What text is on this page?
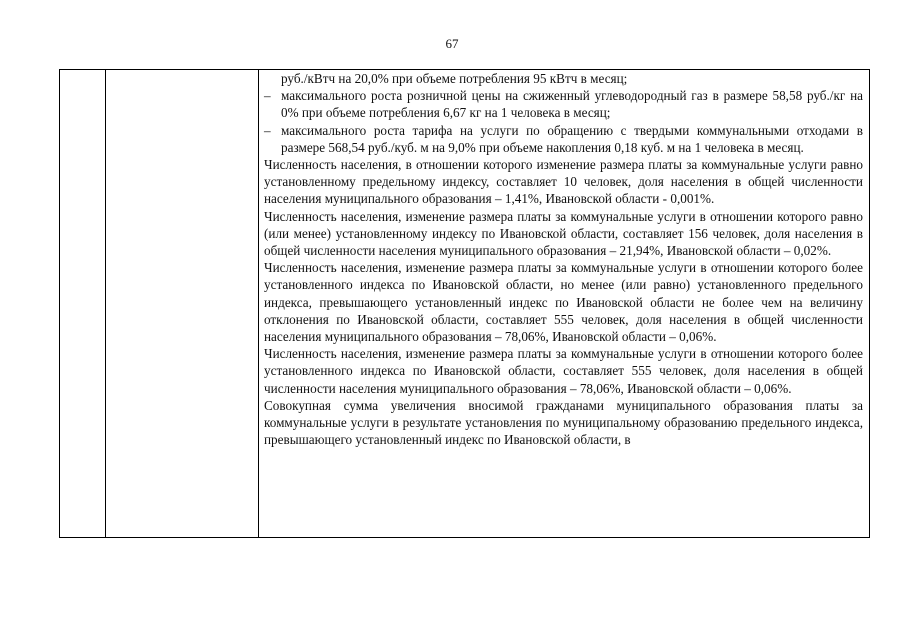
67

руб./кВтч на 20,0% при объеме потребления 95 кВтч в месяц;

– максимального роста розничной цены на сжиженный углеводородный газ в размере 58,58 руб./кг на 0% при объеме потребления 6,67 кг на 1 человека в месяц;

– максимального роста тарифа на услуги по обращению с твердыми коммунальными отходами в размере 568,54 руб./куб. м на 9,0% при объеме накопления 0,18 куб. м на 1 человека в месяц.

Численность населения, в отношении которого изменение размера платы за коммунальные услуги равно установленному предельному индексу, составляет 10 человек, доля населения в общей численности населения муниципального образования – 1,41%, Ивановской области - 0,001%.

Численность населения, изменение размера платы за коммунальные услуги в отношении которого равно (или менее) установленному индексу по Ивановской области, составляет 156 человек, доля населения в общей численности населения муниципального образования – 21,94%, Ивановской области – 0,02%.

Численность населения, изменение размера платы за коммунальные услуги в отношении которого более установленного индекса по Ивановской области, но менее (или равно) установленного предельного индекса, превышающего установленный индекс по Ивановской области не более чем на величину отклонения по Ивановской области, составляет 555 человек, доля населения в общей численности населения муниципального образования – 78,06%, Ивановской области – 0,06%.

Численность населения, изменение размера платы за коммунальные услуги в отношении которого более установленного индекса по Ивановской области, составляет 555 человек, доля населения в общей численности населения муниципального образования – 78,06%, Ивановской области – 0,06%.

Совокупная сумма увеличения вносимой гражданами муниципального образования платы за коммунальные услуги в результате установления по муниципальному образованию предельного индекса, превышающего установленный индекс по Ивановской области, в
